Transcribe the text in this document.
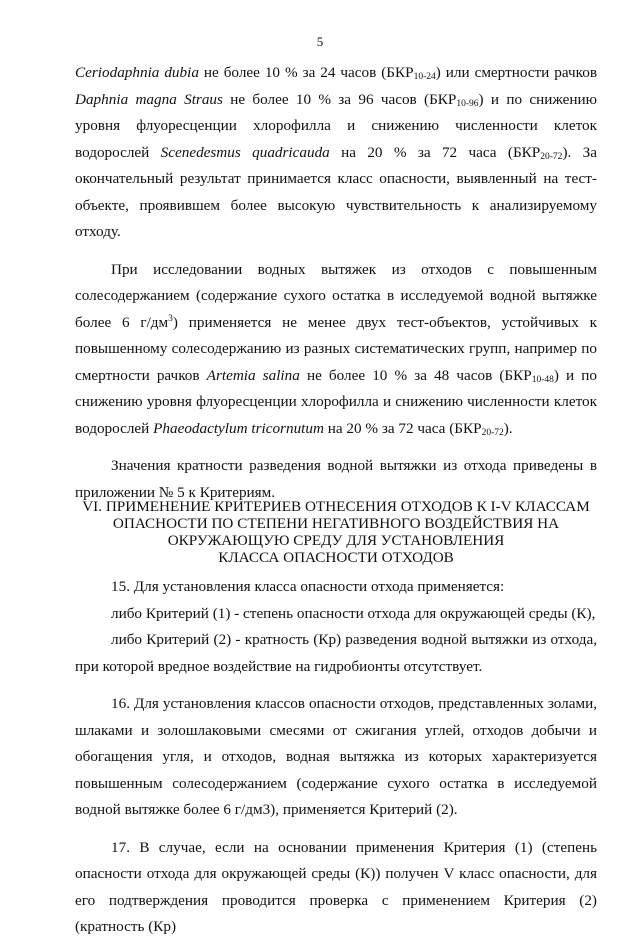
5

Ceriodaphnia dubia не более 10 % за 24 часов $(БКР_{10-24})$ или смертности рачков Daphnia magna Straus не более 10 % за 96 часов $(БКР_{10-96})$ и по снижению уровня флуоресценции хлорофилла и снижению численности клеток водорослей Scenedesmus quadricauda на 20 % за 72 часа $(БКР_{20-72})$. За окончательный результат принимается класс опасности, выявленный на тест-объекте, проявившем более высокую чувствительность к анализируемому отходу.

При исследовании водных вытяжек из отходов с повышенным солесодержанием (содержание сухого остатка в исследуемой водной вытяжке более 6 $г/дм^3$) применяется не менее двух тест-объектов, устойчивых к повышенному солесодержанию из разных систематических групп, например по смертности рачков Artemia salina не более 10 % за 48 часов $(БКР_{10-48})$ и по снижению уровня флуоресценции хлорофилла и снижению численности клеток водорослей Phaeodactylum tricornutum на 20 % за 72 часа $(БКР_{20-72})$.

Значения кратности разведения водной вытяжки из отхода приведены в приложении № 5 к Критериям.

VI. ПРИМЕНЕНИЕ КРИТЕРИЕВ ОТНЕСЕНИЯ ОТХОДОВ К I-V КЛАССАМ
ОПАСНОСТИ ПО СТЕПЕНИ НЕГАТИВНОГО ВОЗДЕЙСТВИЯ НА
ОКРУЖАЮЩУЮ СРЕДУ ДЛЯ УСТАНОВЛЕНИЯ
КЛАССА ОПАСНОСТИ ОТХОДОВ

15. Для установления класса опасности отхода применяется:

либо Критерий (1) - степень опасности отхода для окружающей среды (К),

либо Критерий (2) - кратность (Кр) разведения водной вытяжки из отхода, при которой вредное воздействие на гидробионты отсутствует.

16. Для установления классов опасности отходов, представленных золами, шлаками и золошлаковыми смесями от сжигания углей, отходов добычи и обогащения угля, и отходов, водная вытяжка из которых характеризуется повышенным солесодержанием (содержание сухого остатка в исследуемой водной вытяжке более 6 г/дм3), применяется Критерий (2).

17. В случае, если на основании применения Критерия (1) (степень опасности отхода для окружающей среды (К)) получен V класс опасности, для его подтверждения проводится проверка с применением Критерия (2) (кратность (Кр)
